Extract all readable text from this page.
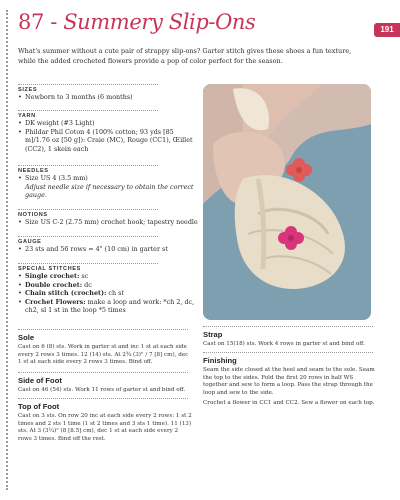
87 - Summery Slip-Ons	191
What's summer without a cute pair of strappy slip-ons? Garter stitch gives these shoes a fun texture, while the added crocheted flowers provide a pop of color perfect for the season.
SIZES
• Newborn to 3 months (6 months)
YARN
• DK weight (#3 Light)
• Phildar Phil Coton 4 (100% cotton; 93 yds [85 m]/1.76 oz [50 g]): Craie (MC), Rouge (CC1), Œillet (CC2), 1 skein each
NEEDLES
• Size US 4 (3.5 mm)
Adjust needle size if necessary to obtain the correct gauge.
NOTIONS
• Size US C-2 (2.75 mm) crochet hook; tapestry needle
GAUGE
• 23 sts and 56 rows = 4" (10 cm) in garter st
SPECIAL STITCHES
• Single crochet: sc
• Double crochet: dc
• Chain stitch (crochet): ch st
• Crochet Flowers: make a loop and work: *ch 2, dc, ch2, sl 1 st in the loop *5 times
Sole
Cast on 6 (8) sts. Work in garter st and inc 1 st at each side every 2 rows 3 times. 12 (14) sts. At 2¾ (3)" / 7 [8] cm), dec 1 st at each side every 2 rows 3 times. Bind off.
Side of Foot
Cast on 46 (54) sts. Work 11 rows of garter st and bind off.
Top of Foot
Cast on 3 sts. On row 20 inc at each side every 2 rows: 1 st 2 times and 2 sts 1 time (1 st 2 times and 3 sts 1 time). 11 (13) sts. At 3 (3¼)" (8 [8.5] cm), dec 1 st at each side every 2 rows 3 times. Bind off the rest.
Strap
Cast on 15(18) sts. Work 4 rows in garter st and bind off.
Finishing
Seam the side closed at the heel and seam to the sole. Seam the top to the sides. Fold the first 20 rows in half WS together and sew to form a loop. Pass the strap through the loop and sew to the side.
Crochet a flower in CC1 and CC2. Sew a flower on each top.
